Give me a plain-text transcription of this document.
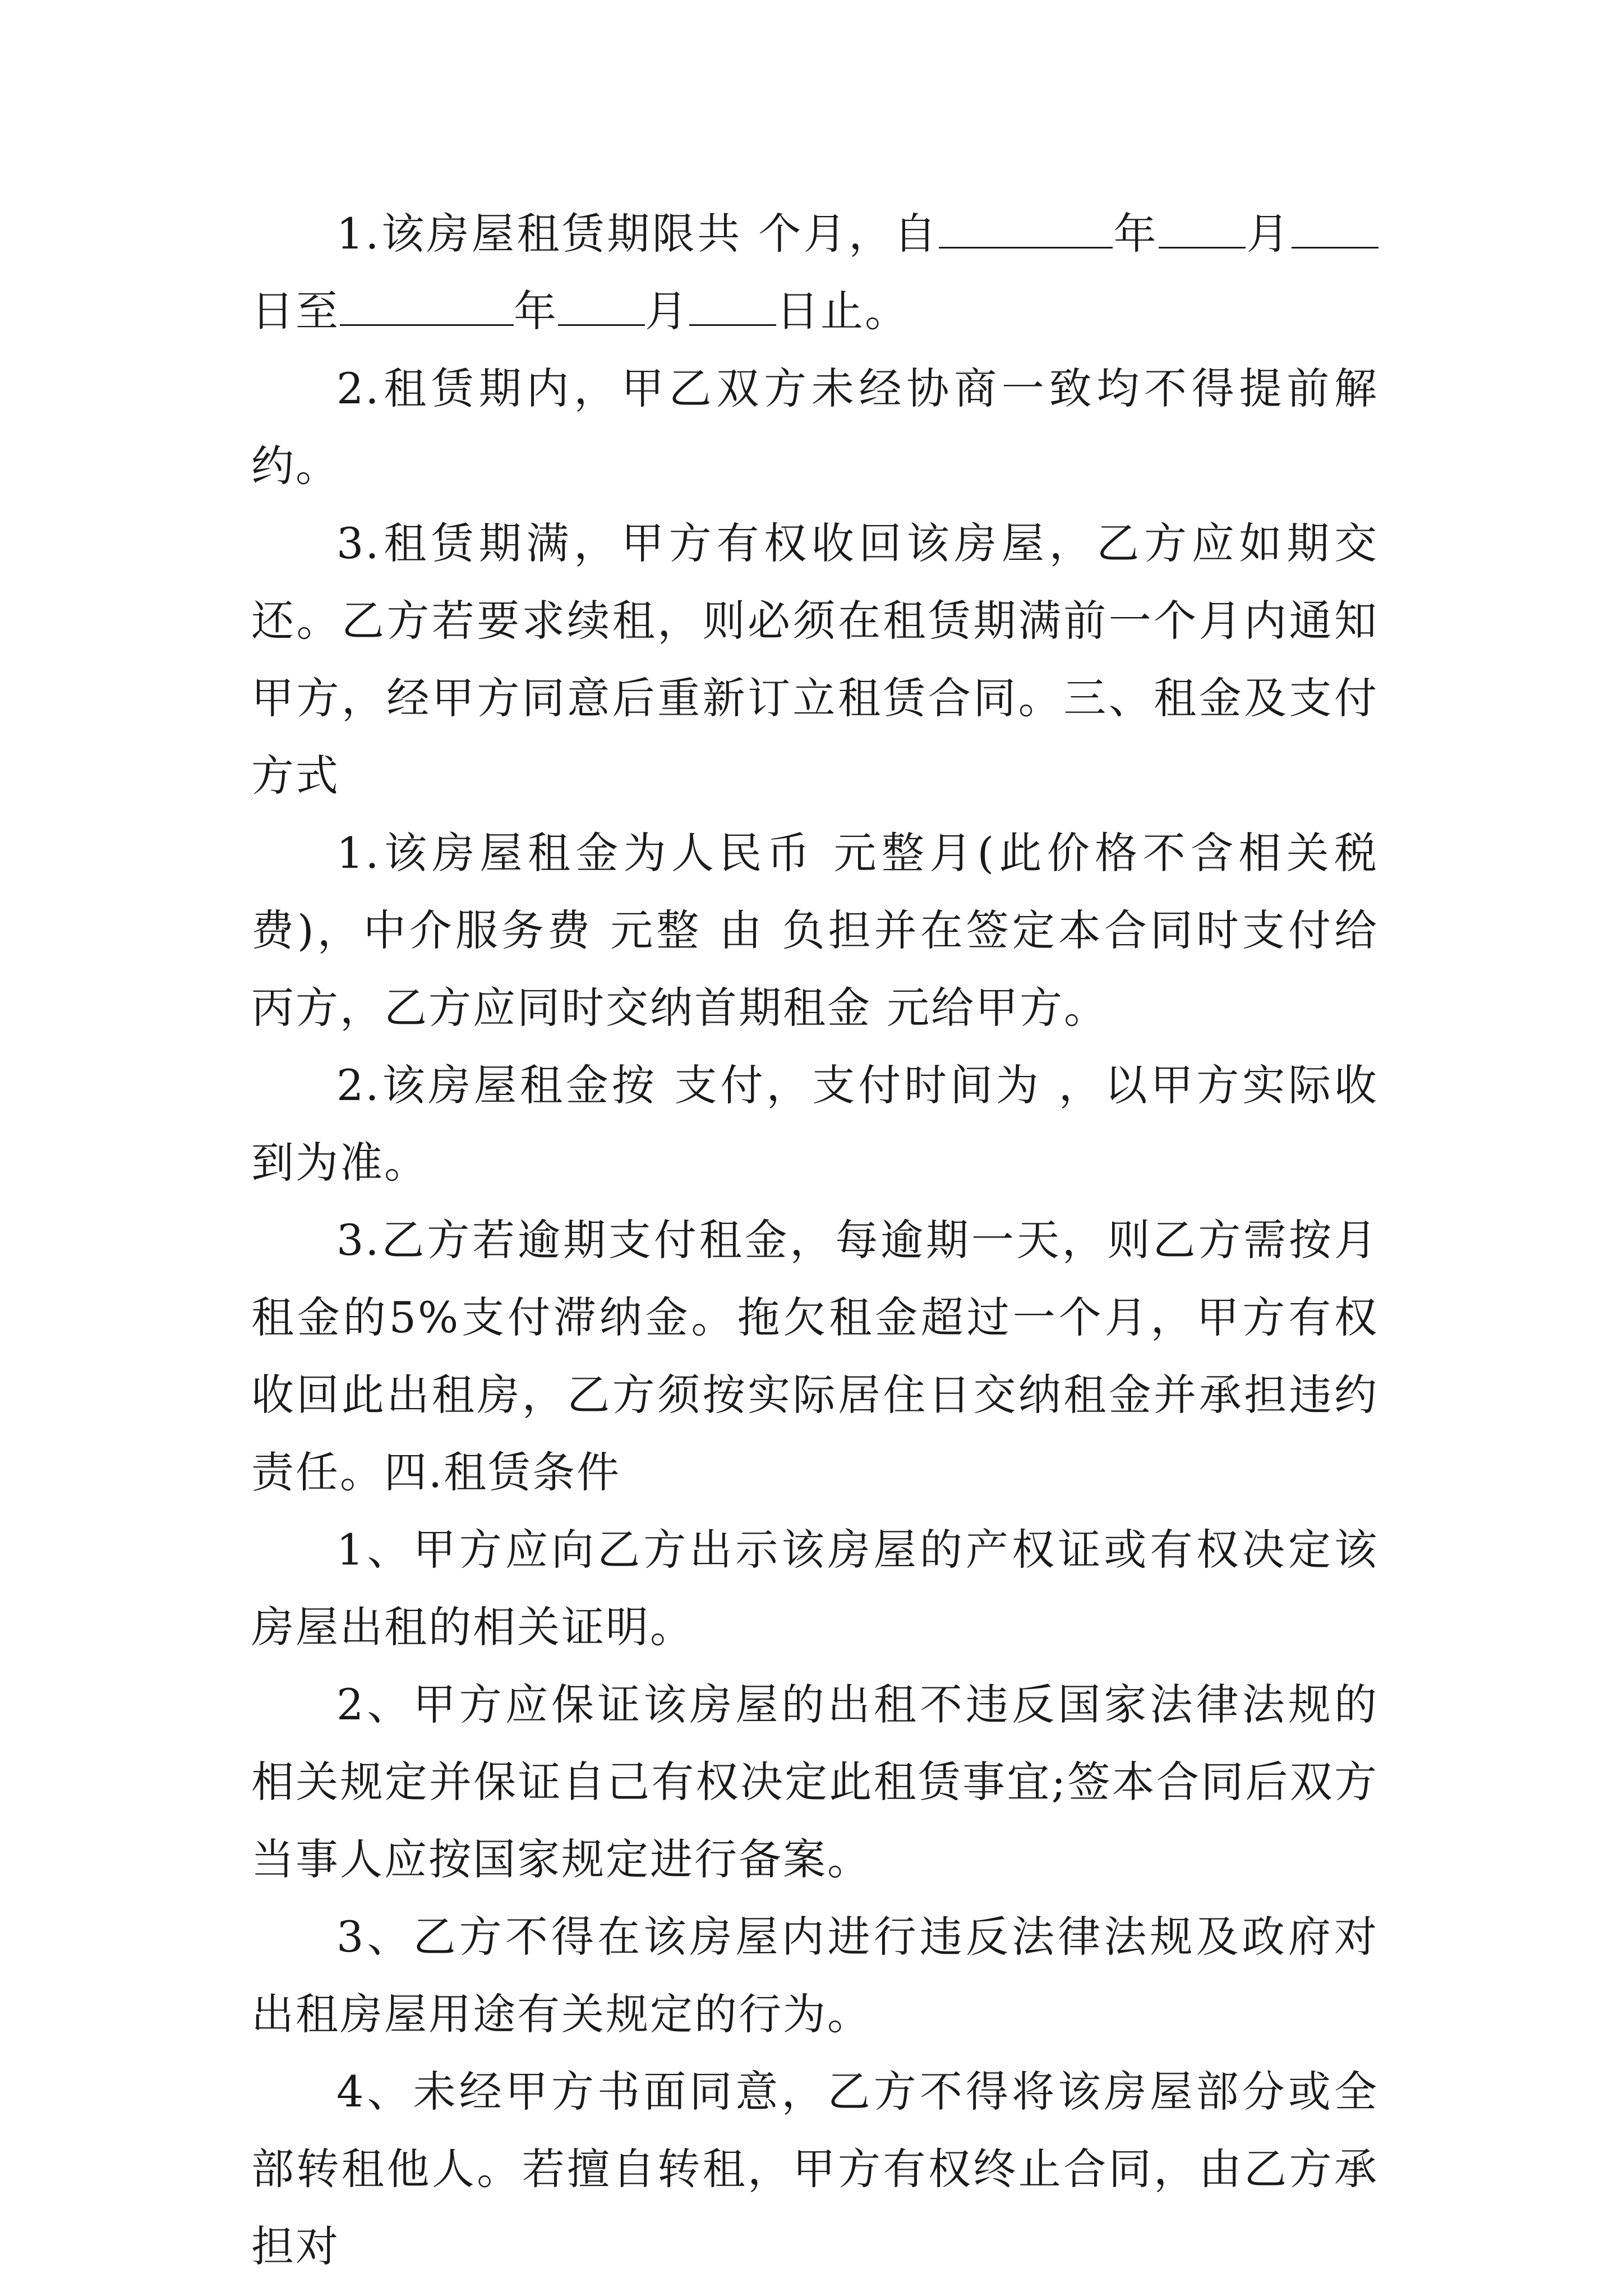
1.该房屋租赁期限共 个月，自	年 月日至	年 月 日止。

2.租赁期内，甲乙双方未经协商一致均不得提前解约。

3.租赁期满，甲方有权收回该房屋，乙方应如期交还。乙方若要求续租，则必须在租赁期满前一个月内通知甲方，经甲方同意后重新订立租赁合同。三、租金及支付方式

1.该房屋租金为人民币 元整月(此价格不含相关税费)，中介服务费 元整 由 负担并在签定本合同时支付给丙方，乙方应同时交纳首期租金 元给甲方。

2.该房屋租金按 支付，支付时间为 ，以甲方实际收到为准。

3.乙方若逾期支付租金，每逾期一天，则乙方需按月租金的5%支付滞纳金。拖欠租金超过一个月，甲方有权收回此出租房，乙方须按实际居住日交纳租金并承担违约责任。四.租赁条件

1、甲方应向乙方出示该房屋的产权证或有权决定该房屋出租的相关证明。

2、甲方应保证该房屋的出租不违反国家法律法规的相关规定并保证自己有权决定此租赁事宜;签本合同后双方当事人应按国家规定进行备案。

3、乙方不得在该房屋内进行违反法律法规及政府对出租房屋用途有关规定的行为。

4、未经甲方书面同意，乙方不得将该房屋部分或全部转租他人。若擅自转租，甲方有权终止合同，由乙方承担对
